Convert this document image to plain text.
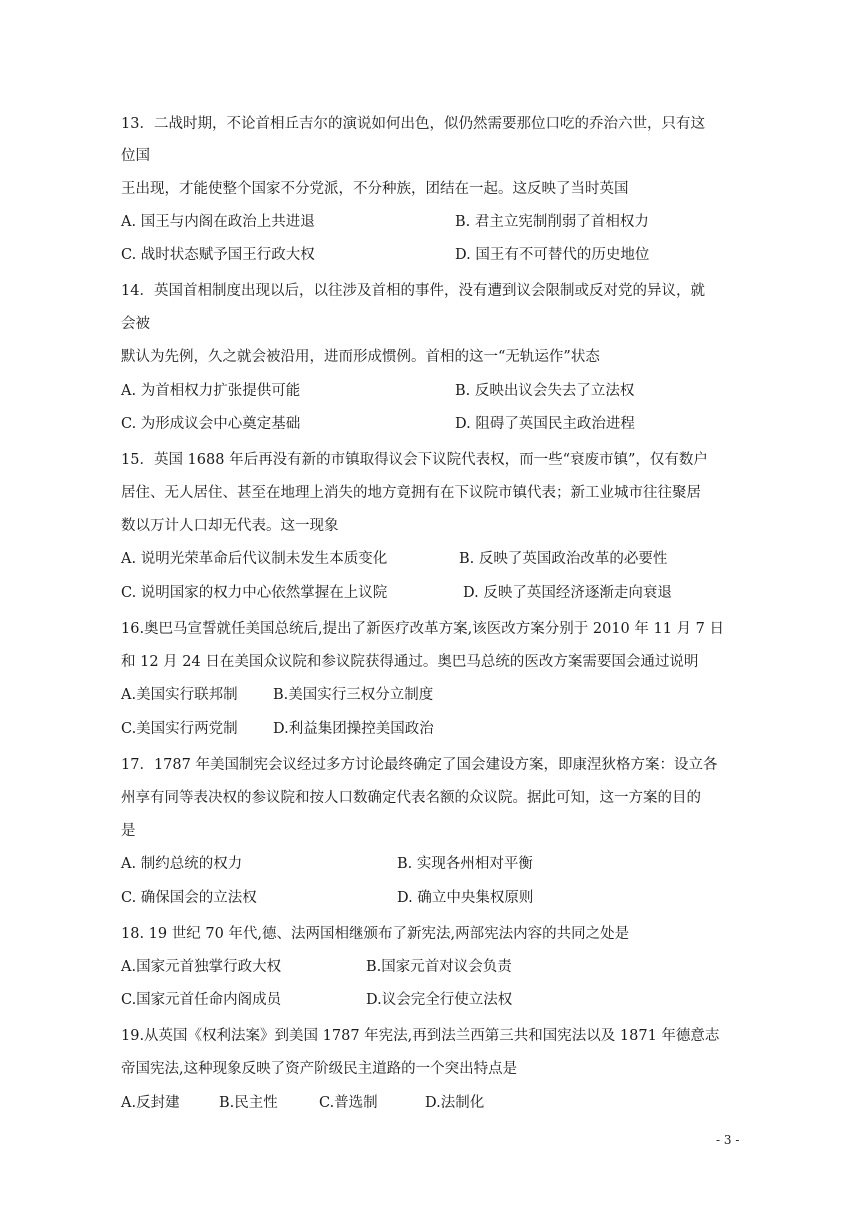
13．二战时期，不论首相丘吉尔的演说如何出色，似仍然需要那位口吃的乔治六世，只有这
位国
王出现，才能使整个国家不分党派，不分种族，团结在一起。这反映了当时英国
A. 国王与内阁在政治上共进退	B. 君主立宪制削弱了首相权力
C. 战时状态赋予国王行政大权	D. 国王有不可替代的历史地位
14．英国首相制度出现以后，以往涉及首相的事件，没有遭到议会限制或反对党的异议，就
会被
默认为先例，久之就会被沿用，进而形成惯例。首相的这一“无轨运作”状态
A. 为首相权力扩张提供可能	B. 反映出议会失去了立法权
C. 为形成议会中心奠定基础	D. 阻碍了英国民主政治进程
15．英国 1688 年后再没有新的市镇取得议会下议院代表权，而一些“衰废市镇”，仅有数户
居住、无人居住、甚至在地理上消失的地方竟拥有在下议院市镇代表；新工业城市往往聚居
数以万计人口却无代表。这一现象
A. 说明光荣革命后代议制未发生本质变化	B. 反映了英国政治改革的必要性
C. 说明国家的权力中心依然掌握在上议院	D. 反映了英国经济逐渐走向衰退
16.奥巴马宣誓就任美国总统后,提出了新医疗改革方案,该医改方案分别于 2010 年 11 月 7 日
和 12 月 24 日在美国众议院和参议院获得通过。奥巴马总统的医改方案需要国会通过说明
A.美国实行联邦制 B.美国实行三权分立制度
C.美国实行两党制 D.利益集团操控美国政治
17．1787 年美国制宪会议经过多方讨论最终确定了国会建设方案，即康涅狄格方案：设立各
州享有同等表决权的参议院和按人口数确定代表名额的众议院。据此可知，这一方案的目的
是
A. 制约总统的权力	B. 实现各州相对平衡
C. 确保国会的立法权	D. 确立中央集权原则
18. 19 世纪 70 年代,德、法两国相继颁布了新宪法,两部宪法内容的共同之处是
A.国家元首独掌行政大权	B.国家元首对议会负责
C.国家元首任命内阁成员	D.议会完全行使立法权
19.从英国《权利法案》到美国 1787 年宪法,再到法兰西第三共和国宪法以及 1871 年德意志
帝国宪法,这种现象反映了资产阶级民主道路的一个突出特点是
A.反封建	B.民主性	C.普选制	D.法制化
- 3 -
